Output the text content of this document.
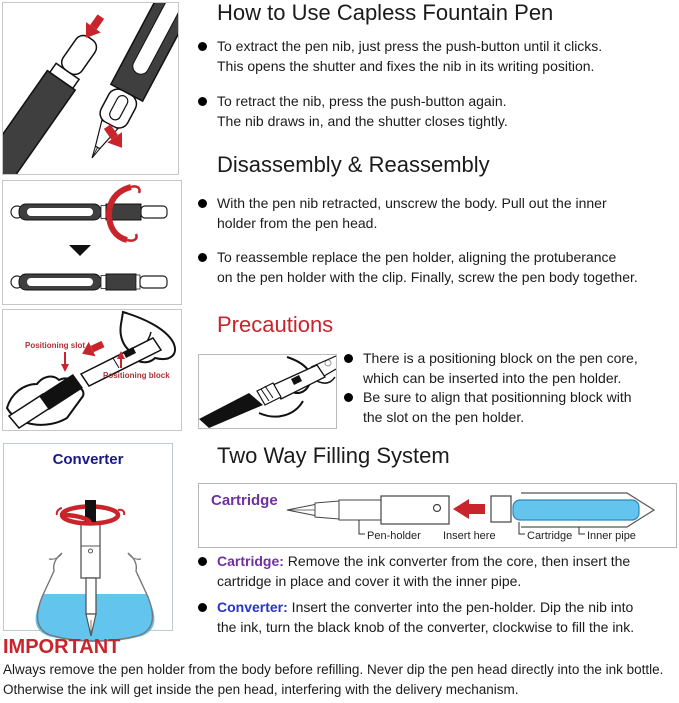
Positioning slot
Positioning block
Converter
How to Use Capless Fountain Pen
To extract the pen nib, just press the push-button until it clicks.
This opens the shutter and fixes the nib in its writing position.
To retract the nib, press the push-button again.
The nib draws in, and the shutter closes tightly.
Disassembly & Reassembly
With the pen nib retracted, unscrew the body. Pull out the inner
holder from the pen head.
To reassemble replace the pen holder, aligning the protuberance
on the pen holder with the clip. Finally, screw the pen body together.
Precautions
There is a positioning block on the pen core,
which can be inserted into the pen holder.
Be sure to align that positionning block with
the slot on the pen holder.
Two Way Filling System
Cartridge
Pen-holder Insert here	Cartridge Inner pipe
Cartridge: Remove the ink converter from the core, then insert the
cartridge in place and cover it with the inner pipe.
Converter: Insert the converter into the pen-holder. Dip the nib into
the ink, turn the black knob of the converter, clockwise to fill the ink.
IMPORTANT
Always remove the pen holder from the body before refilling. Never dip the pen head directly into the ink bottle.
Otherwise the ink will get inside the pen head, interfering with the delivery mechanism.
